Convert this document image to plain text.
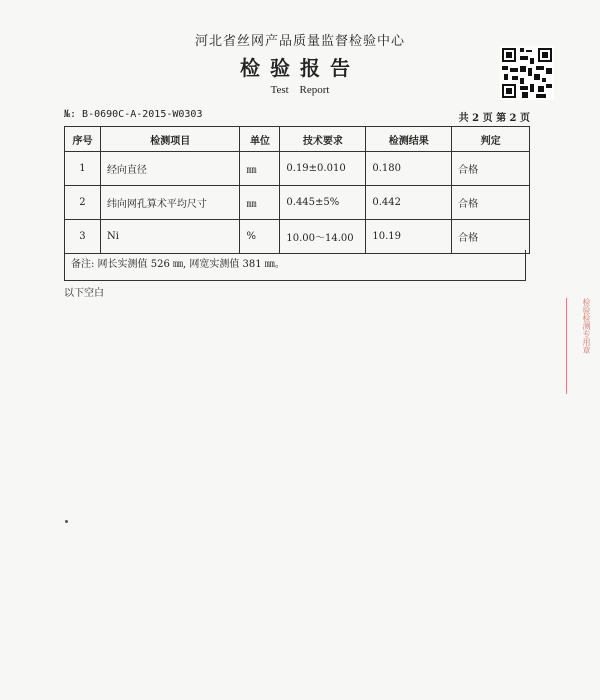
河北省丝网产品质量监督检验中心
检验报告
Test Report
№: B-0690C-A-2015-W0303	共 2 页 第 2 页
序号	检测项目	单位	技术要求	检测结果	判定
1	经向直径	㎜	0.19±0.010	0.180	合格
2	纬向网孔算术平均尺寸	㎜	0.445±5%	0.442	合格
3	Ni	%	10.00～14.00	10.19	合格
备注: 网长实测值 526 ㎜, 网宽实测值 381 ㎜。
以下空白
检验检测专用章
